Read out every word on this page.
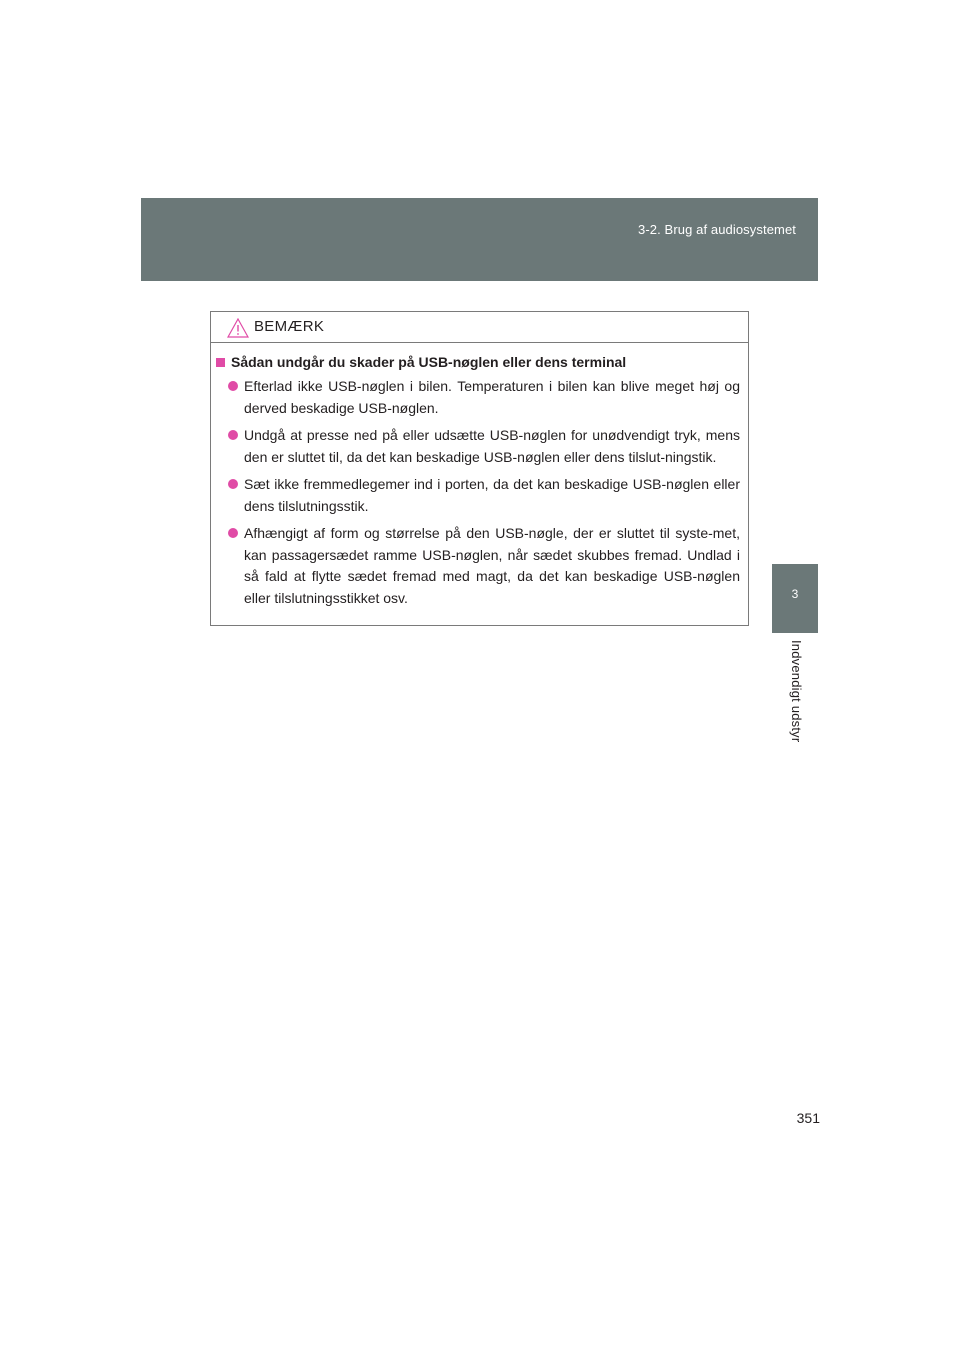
3-2. Brug af audiosystemet
3
Indvendigt udstyr
BEMÆRK
Sådan undgår du skader på USB-nøglen eller dens terminal
Efterlad ikke USB-nøglen i bilen. Temperaturen i bilen kan blive meget høj og derved beskadige USB-nøglen.
Undgå at presse ned på eller udsætte USB-nøglen for unødvendigt tryk, mens den er sluttet til, da det kan beskadige USB-nøglen eller dens tilslut-ningstik.
Sæt ikke fremmedlegemer ind i porten, da det kan beskadige USB-nøglen eller dens tilslutningsstik.
Afhængigt af form og størrelse på den USB-nøgle, der er sluttet til syste-met, kan passagersædet ramme USB-nøglen, når sædet skubbes fremad. Undlad i så fald at flytte sædet fremad med magt, da det kan beskadige USB-nøglen eller tilslutningsstikket osv.
351
